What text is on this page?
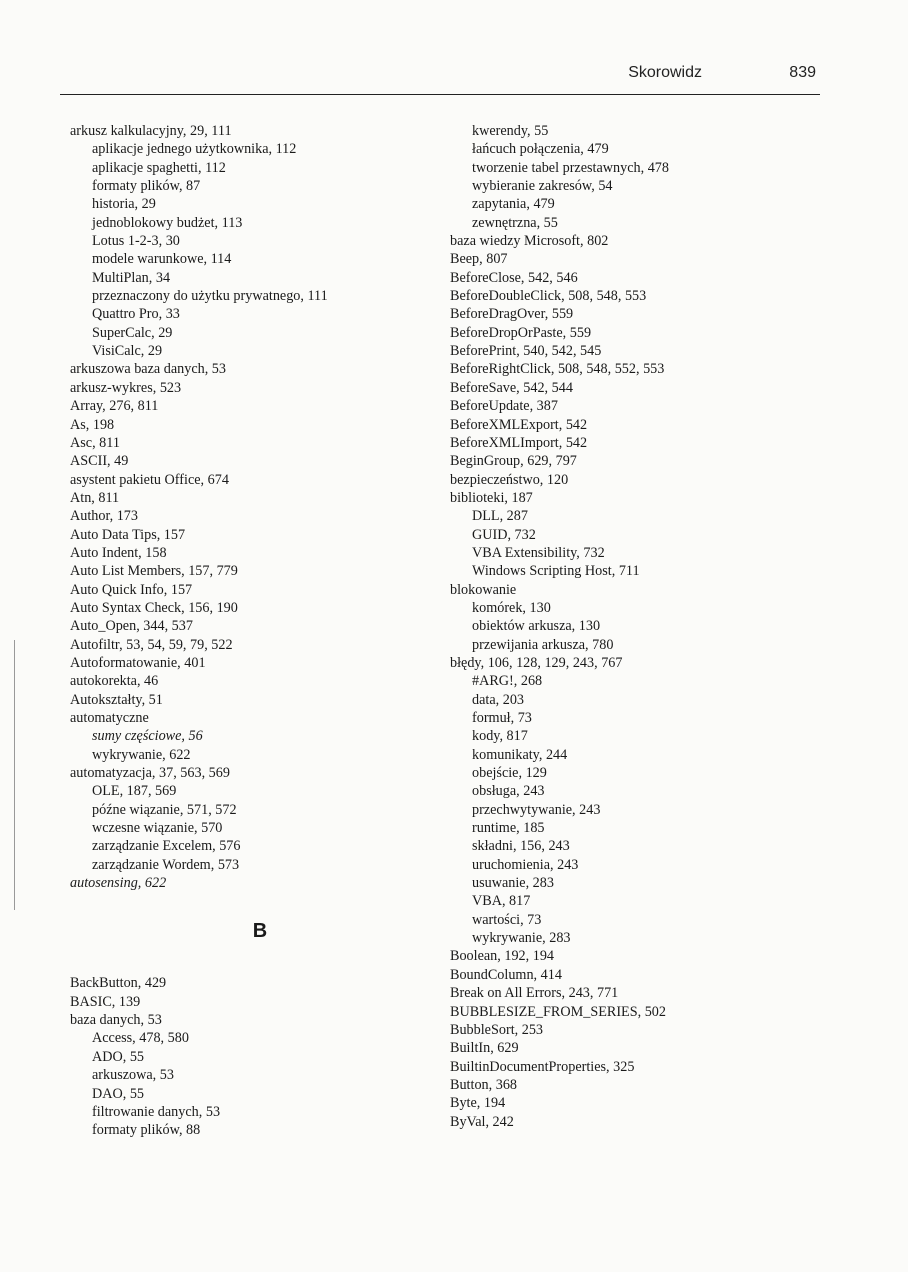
Skorowidz	839
arkusz kalkulacyjny, 29, 111
aplikacje jednego użytkownika, 112
aplikacje spaghetti, 112
formaty plików, 87
historia, 29
jednoblokowy budżet, 113
Lotus 1-2-3, 30
modele warunkowe, 114
MultiPlan, 34
przeznaczony do użytku prywatnego, 111
Quattro Pro, 33
SuperCalc, 29
VisiCalc, 29
arkuszowa baza danych, 53
arkusz-wykres, 523
Array, 276, 811
As, 198
Asc, 811
ASCII, 49
asystent pakietu Office, 674
Atn, 811
Author, 173
Auto Data Tips, 157
Auto Indent, 158
Auto List Members, 157, 779
Auto Quick Info, 157
Auto Syntax Check, 156, 190
Auto_Open, 344, 537
Autofiltr, 53, 54, 59, 79, 522
Autoformatowanie, 401
autokorekta, 46
Autokształty, 51
automatyczne
sumy częściowe, 56
wykrywanie, 622
automatyzacja, 37, 563, 569
OLE, 187, 569
późne wiązanie, 571, 572
wczesne wiązanie, 570
zarządzanie Excelem, 576
zarządzanie Wordem, 573
autosensing, 622
B
BackButton, 429
BASIC, 139
baza danych, 53
Access, 478, 580
ADO, 55
arkuszowa, 53
DAO, 55
filtrowanie danych, 53
formaty plików, 88
kwerendy, 55
łańcuch połączenia, 479
tworzenie tabel przestawnych, 478
wybieranie zakresów, 54
zapytania, 479
zewnętrzna, 55
baza wiedzy Microsoft, 802
Beep, 807
BeforeClose, 542, 546
BeforeDoubleClick, 508, 548, 553
BeforeDragOver, 559
BeforeDropOrPaste, 559
BeforePrint, 540, 542, 545
BeforeRightClick, 508, 548, 552, 553
BeforeSave, 542, 544
BeforeUpdate, 387
BeforeXMLExport, 542
BeforeXMLImport, 542
BeginGroup, 629, 797
bezpieczeństwo, 120
biblioteki, 187
DLL, 287
GUID, 732
VBA Extensibility, 732
Windows Scripting Host, 711
blokowanie
komórek, 130
obiektów arkusza, 130
przewijania arkusza, 780
błędy, 106, 128, 129, 243, 767
#ARG!, 268
data, 203
formuł, 73
kody, 817
komunikaty, 244
obejście, 129
obsługa, 243
przechwytywanie, 243
runtime, 185
składni, 156, 243
uruchomienia, 243
usuwanie, 283
VBA, 817
wartości, 73
wykrywanie, 283
Boolean, 192, 194
BoundColumn, 414
Break on All Errors, 243, 771
BUBBLESIZE_FROM_SERIES, 502
BubbleSort, 253
BuiltIn, 629
BuiltinDocumentProperties, 325
Button, 368
Byte, 194
ByVal, 242
